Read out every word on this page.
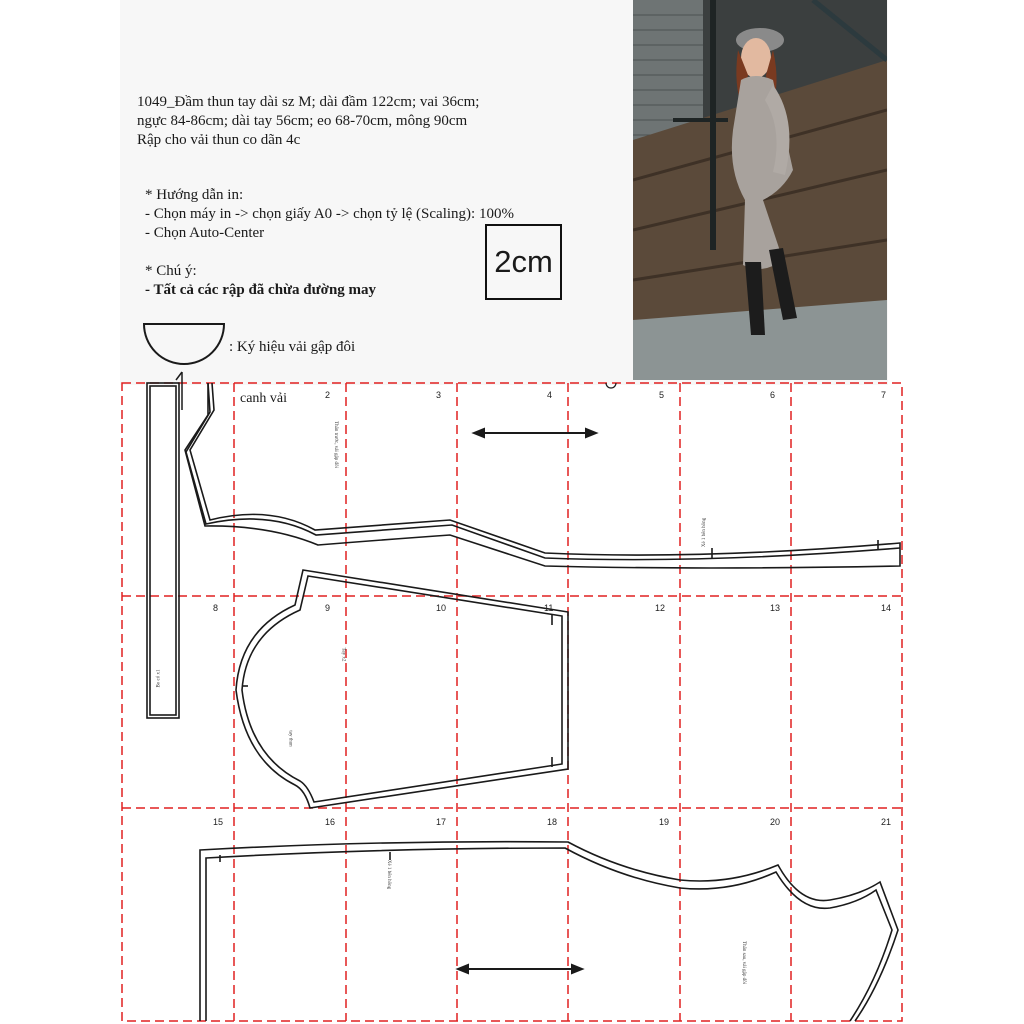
1049_Đầm thun tay dài sz M; dài đầm 122cm; vai 36cm;
ngực 84-86cm; dài tay 56cm; eo 68-70cm, mông 90cm
Rập cho vải thun co dãn 4c
* Hướng dẫn in:
- Chọn máy in -> chọn giấy A0 -> chọn tỷ lệ (Scaling): 100%
- Chọn Auto-Center
* Chú ý:
- Tất cả các rập đã chừa đường may
2cm
: Ký hiệu vải gập đôi
canh vải	2	3	4	5	6	7
8	9	10	11	12	13	14
15	16	17	18	19	20	21
Thân trước, vải gập đôi
Bo cổ x1
tay thun
Xẻ 1 bên hông
Xẻ 1 bên hông
Thân sau, vải gập đôi
Tay x2
